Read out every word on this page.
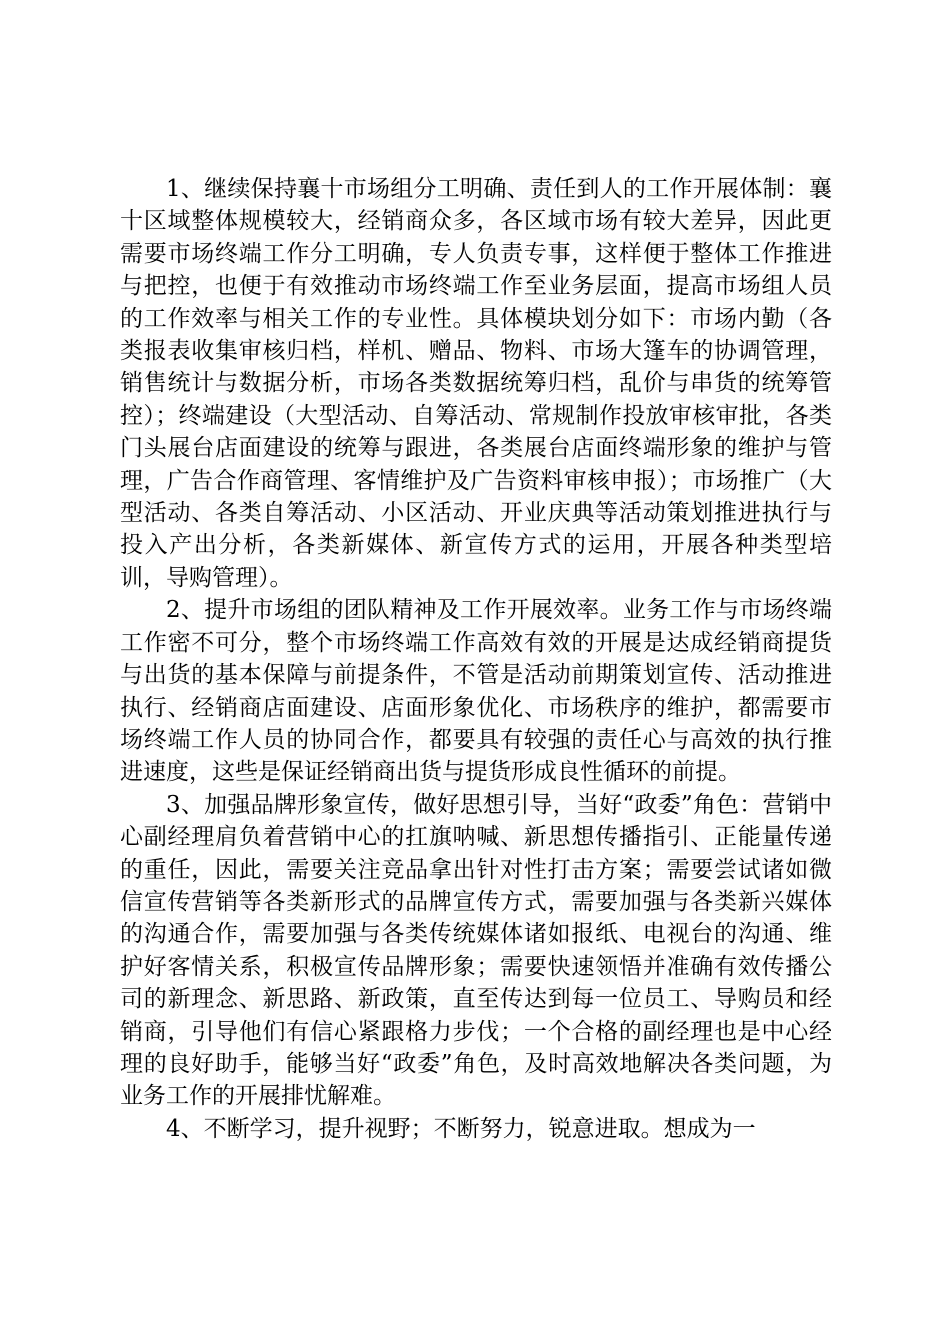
1、继续保持襄十市场组分工明确、责任到人的工作开展体制：襄十区域整体规模较大，经销商众多，各区域市场有较大差异，因此更需要市场终端工作分工明确，专人负责专事，这样便于整体工作推进与把控，也便于有效推动市场终端工作至业务层面，提高市场组人员的工作效率与相关工作的专业性。具体模块划分如下：市场内勤（各类报表收集审核归档，样机、赠品、物料、市场大篷车的协调管理，销售统计与数据分析，市场各类数据统筹归档，乱价与串货的统筹管控）；终端建设（大型活动、自筹活动、常规制作投放审核审批，各类门头展台店面建设的统筹与跟进，各类展台店面终端形象的维护与管理，广告合作商管理、客情维护及广告资料审核申报）；市场推广（大型活动、各类自筹活动、小区活动、开业庆典等活动策划推进执行与投入产出分析，各类新媒体、新宣传方式的运用，开展各种类型培训，导购管理）。

2、提升市场组的团队精神及工作开展效率。业务工作与市场终端工作密不可分，整个市场终端工作高效有效的开展是达成经销商提货与出货的基本保障与前提条件，不管是活动前期策划宣传、活动推进执行、经销商店面建设、店面形象优化、市场秩序的维护，都需要市场终端工作人员的协同合作，都要具有较强的责任心与高效的执行推进速度，这些是保证经销商出货与提货形成良性循环的前提。

3、加强品牌形象宣传，做好思想引导，当好“政委”角色：营销中心副经理肩负着营销中心的扛旗呐喊、新思想传播指引、正能量传递的重任，因此，需要关注竞品拿出针对性打击方案；需要尝试诸如微信宣传营销等各类新形式的品牌宣传方式，需要加强与各类新兴媒体的沟通合作，需要加强与各类传统媒体诸如报纸、电视台的沟通、维护好客情关系，积极宣传品牌形象；需要快速领悟并准确有效传播公司的新理念、新思路、新政策，直至传达到每一位员工、导购员和经销商，引导他们有信心紧跟格力步伐；一个合格的副经理也是中心经理的良好助手，能够当好“政委”角色，及时高效地解决各类问题，为业务工作的开展排忧解难。

4、不断学习，提升视野；不断努力，锐意进取。想成为一
